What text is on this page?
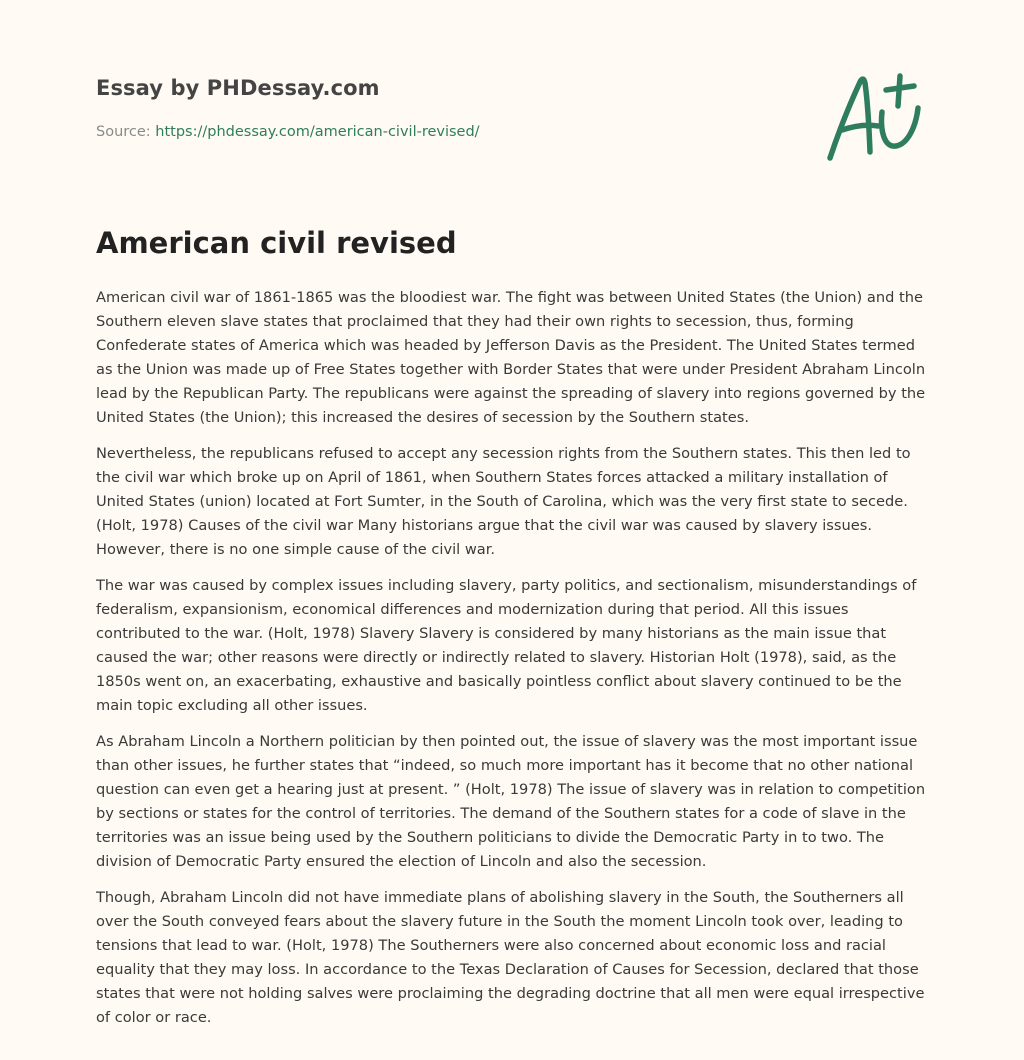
Essay by PHDessay.com
Source: https://phdessay.com/american-civil-revised/
American civil revised

American civil war of 1861-1865 was the bloodiest war. The fight was between United States (the Union) and the Southern eleven slave states that proclaimed that they had their own rights to secession, thus, forming Confederate states of America which was headed by Jefferson Davis as the President. The United States termed as the Union was made up of Free States together with Border States that were under President Abraham Lincoln lead by the Republican Party. The republicans were against the spreading of slavery into regions governed by the United States (the Union); this increased the desires of secession by the Southern states.

Nevertheless, the republicans refused to accept any secession rights from the Southern states. This then led to the civil war which broke up on April of 1861, when Southern States forces attacked a military installation of United States (union) located at Fort Sumter, in the South of Carolina, which was the very first state to secede. (Holt, 1978) Causes of the civil war Many historians argue that the civil war was caused by slavery issues. However, there is no one simple cause of the civil war.

The war was caused by complex issues including slavery, party politics, and sectionalism, misunderstandings of federalism, expansionism, economical differences and modernization during that period. All this issues contributed to the war. (Holt, 1978) Slavery Slavery is considered by many historians as the main issue that caused the war; other reasons were directly or indirectly related to slavery. Historian Holt (1978), said, as the 1850s went on, an exacerbating, exhaustive and basically pointless conflict about slavery continued to be the main topic excluding all other issues.

As Abraham Lincoln a Northern politician by then pointed out, the issue of slavery was the most important issue than other issues, he further states that “indeed, so much more important has it become that no other national question can even get a hearing just at present. ” (Holt, 1978) The issue of slavery was in relation to competition by sections or states for the control of territories. The demand of the Southern states for a code of slave in the territories was an issue being used by the Southern politicians to divide the Democratic Party in to two. The division of Democratic Party ensured the election of Lincoln and also the secession.

Though, Abraham Lincoln did not have immediate plans of abolishing slavery in the South, the Southerners all over the South conveyed fears about the slavery future in the South the moment Lincoln took over, leading to tensions that lead to war. (Holt, 1978) The Southerners were also concerned about economic loss and racial equality that they may loss. In accordance to the Texas Declaration of Causes for Secession, declared that those states that were not holding salves were proclaiming the degrading doctrine that all men were equal irrespective of color or race.
